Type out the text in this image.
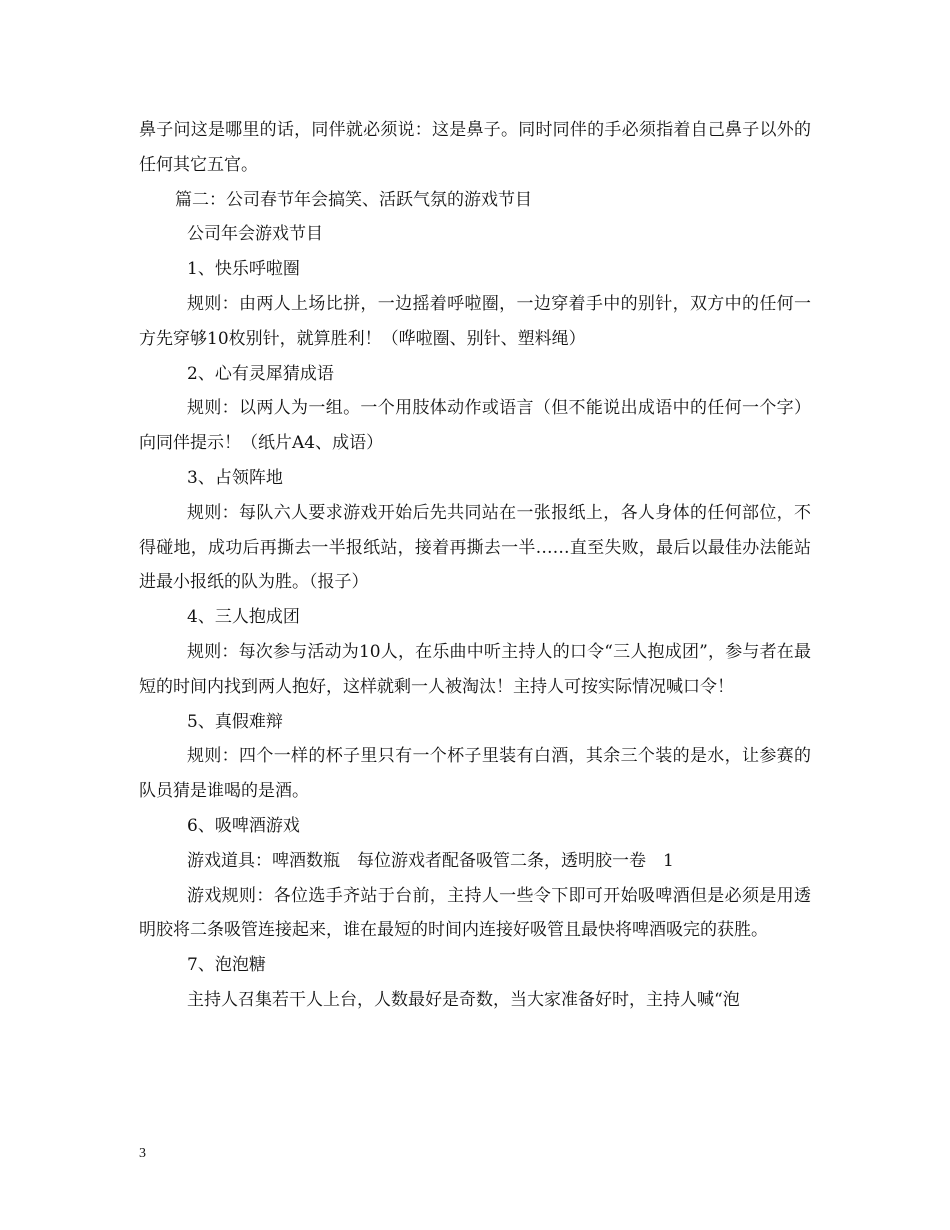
鼻子问这是哪里的话，同伴就必须说：这是鼻子。同时同伴的手必须指着自己鼻子以外的任何其它五官。

篇二：公司春节年会搞笑、活跃气氛的游戏节目

公司年会游戏节目

1、快乐呼啦圈

规则：由两人上场比拼，一边摇着呼啦圈，一边穿着手中的别针，双方中的任何一方先穿够10枚别针，就算胜利！（哗啦圈、别针、塑料绳）

2、心有灵犀猜成语

规则：以两人为一组。一个用肢体动作或语言（但不能说出成语中的任何一个字）向同伴提示！（纸片A4、成语）

3、占领阵地

规则：每队六人要求游戏开始后先共同站在一张报纸上，各人身体的任何部位，不得碰地，成功后再撕去一半报纸站，接着再撕去一半……直至失败，最后以最佳办法能站进最小报纸的队为胜。（报子）

4、三人抱成团

规则：每次参与活动为10人，在乐曲中听主持人的口令“三人抱成团”，参与者在最短的时间内找到两人抱好，这样就剩一人被淘汰！主持人可按实际情况喊口令！

5、真假难辩

规则：四个一样的杯子里只有一个杯子里装有白酒，其余三个装的是水，让参赛的队员猜是谁喝的是酒。

6、吸啤酒游戏

游戏道具：啤酒数瓶　每位游戏者配备吸管二条，透明胶一卷　1

游戏规则：各位选手齐站于台前，主持人一些令下即可开始吸啤酒但是必须是用透明胶将二条吸管连接起来，谁在最短的时间内连接好吸管且最快将啤酒吸完的获胜。

7、泡泡糖

主持人召集若干人上台，人数最好是奇数，当大家准备好时，主持人喊“泡

3
